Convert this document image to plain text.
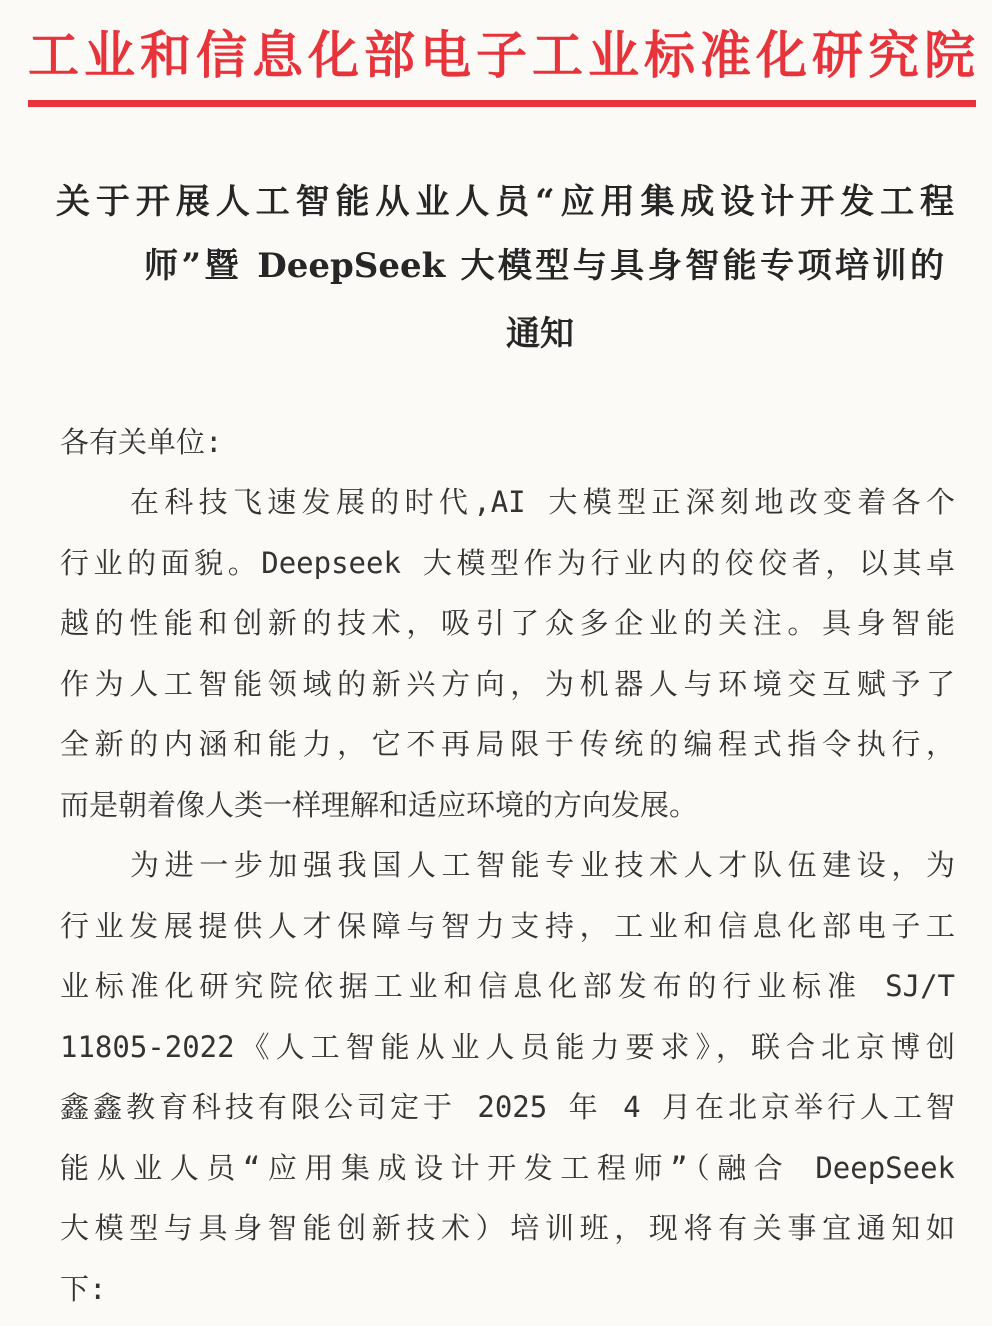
工业和信息化部电子工业标准化研究院
关于开展人工智能从业人员“应用集成设计开发工程
师”暨 DeepSeek 大模型与具身智能专项培训的
通知
各有关单位:
在科技飞速发展的时代,AI 大模型正深刻地改变着各个
行业的面貌。Deepseek 大模型作为行业内的佼佼者，以其卓
越的性能和创新的技术，吸引了众多企业的关注。具身智能
作为人工智能领域的新兴方向，为机器人与环境交互赋予了
全新的内涵和能力，它不再局限于传统的编程式指令执行，
而是朝着像人类一样理解和适应环境的方向发展。
为进一步加强我国人工智能专业技术人才队伍建设，为
行业发展提供人才保障与智力支持，工业和信息化部电子工
业标准化研究院依据工业和信息化部发布的行业标准 SJ/T
11805-2022《人工智能从业人员能力要求》，联合北京博创
鑫鑫教育科技有限公司定于 2025 年 4 月在北京举行人工智
能从业人员“应用集成设计开发工程师”（融合 DeepSeek
大模型与具身智能创新技术）培训班，现将有关事宜通知如
下:
